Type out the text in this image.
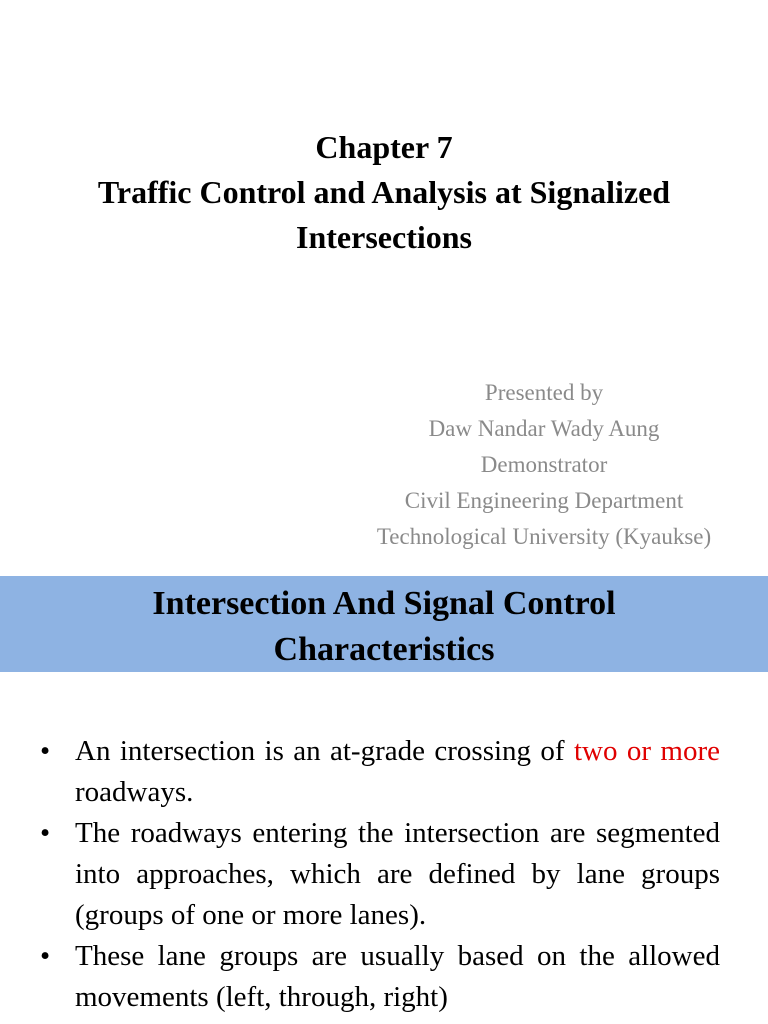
Chapter 7
Traffic Control and Analysis at Signalized
Intersections
Presented by
Daw Nandar Wady Aung
Demonstrator
Civil Engineering Department
Technological University (Kyaukse)
Intersection And Signal Control
Characteristics
• An intersection is an at-grade crossing of two or more roadways.
• The roadways entering the intersection are segmented into approaches, which are defined by lane groups (groups of one or more lanes).
• These lane groups are usually based on the allowed movements (left, through, right)
